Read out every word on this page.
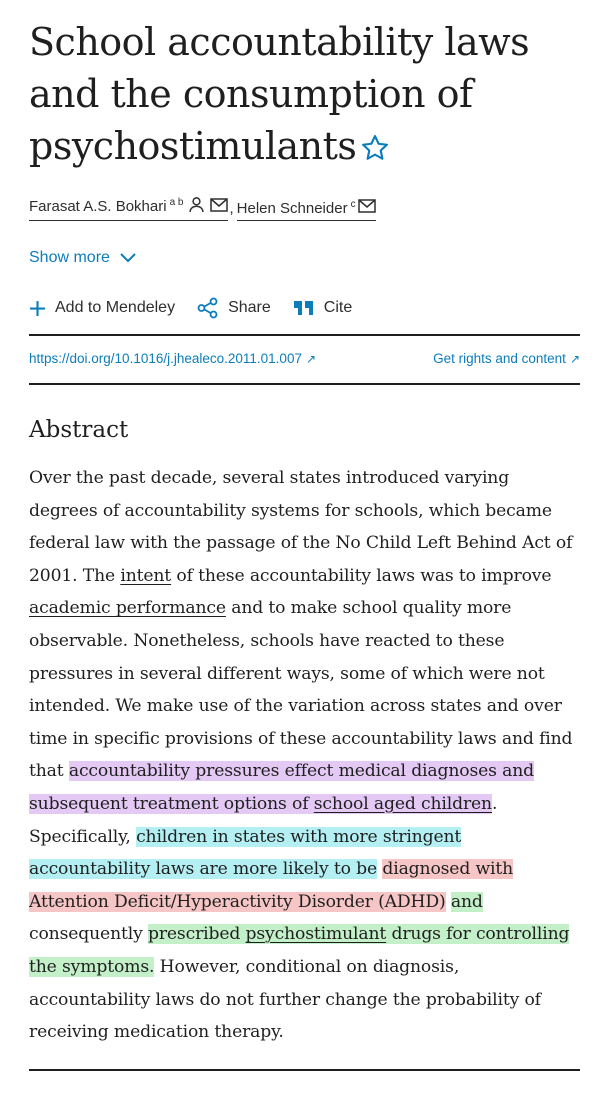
School accountability laws and the consumption of psychostimulants
Farasat A.S. Bokhari $^{a b}$	, Helen Schneider $^c$
Show more
Add to Mendeley	Share	Cite
https://doi.org/10.1016/j.jhealeco.2011.01.007 ↗	Get rights and content ↗
Abstract

Over the past decade, several states introduced varying degrees of accountability systems for schools, which became federal law with the passage of the No Child Left Behind Act of 2001. The intent of these accountability laws was to improve academic performance and to make school quality more observable. Nonetheless, schools have reacted to these pressures in several different ways, some of which were not intended. We make use of the variation across states and over time in specific provisions of these accountability laws and find that accountability pressures effect medical diagnoses and subsequent treatment options of school aged children. Specifically, children in states with more stringent accountability laws are more likely to be diagnosed with Attention Deficit/Hyperactivity Disorder (ADHD) and consequently prescribed psychostimulant drugs for controlling the symptoms. However, conditional on diagnosis, accountability laws do not further change the probability of receiving medication therapy.
